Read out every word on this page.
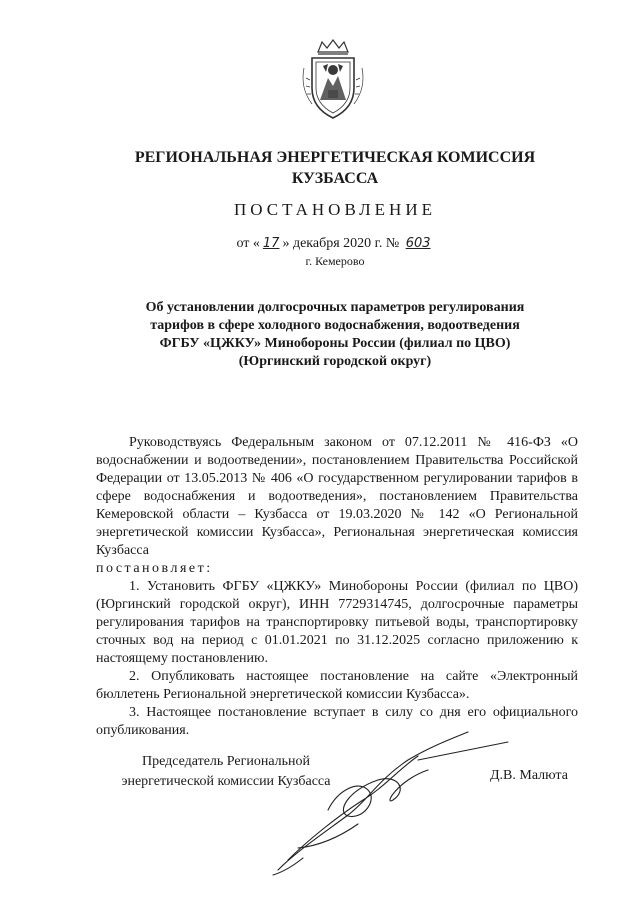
РЕГИОНАЛЬНАЯ ЭНЕРГЕТИЧЕСКАЯ КОМИССИЯ
КУЗБАССА
ПОСТАНОВЛЕНИЕ
от « 17 » декабря 2020 г. № 603
г. Кемерово
Об установлении долгосрочных параметров регулирования
тарифов в сфере холодного водоснабжения, водоотведения
ФГБУ «ЦЖКУ» Минобороны России (филиал по ЦВО)
(Юргинский городской округ)

Руководствуясь Федеральным законом от 07.12.2011 № 416-ФЗ «О водоснабжении и водоотведении», постановлением Правительства Российской Федерации от 13.05.2013 № 406 «О государственном регулировании тарифов в сфере водоснабжения и водоотведения», постановлением Правительства Кемеровской области – Кузбасса от 19.03.2020 № 142 «О Региональной энергетической комиссии Кузбасса», Региональная энергетическая комиссия Кузбасса

постановляет:

1. Установить ФГБУ «ЦЖКУ» Минобороны России (филиал по ЦВО) (Юргинский городской округ), ИНН 7729314745, долгосрочные параметры регулирования тарифов на транспортировку питьевой воды, транспортировку сточных вод на период с 01.01.2021 по 31.12.2025 согласно приложению к настоящему постановлению.

2. Опубликовать настоящее постановление на сайте «Электронный бюллетень Региональной энергетической комиссии Кузбасса».

3. Настоящее постановление вступает в силу со дня его официального опубликования.

Председатель Региональной
энергетической комиссии Кузбасса	Д.В. Малюта
